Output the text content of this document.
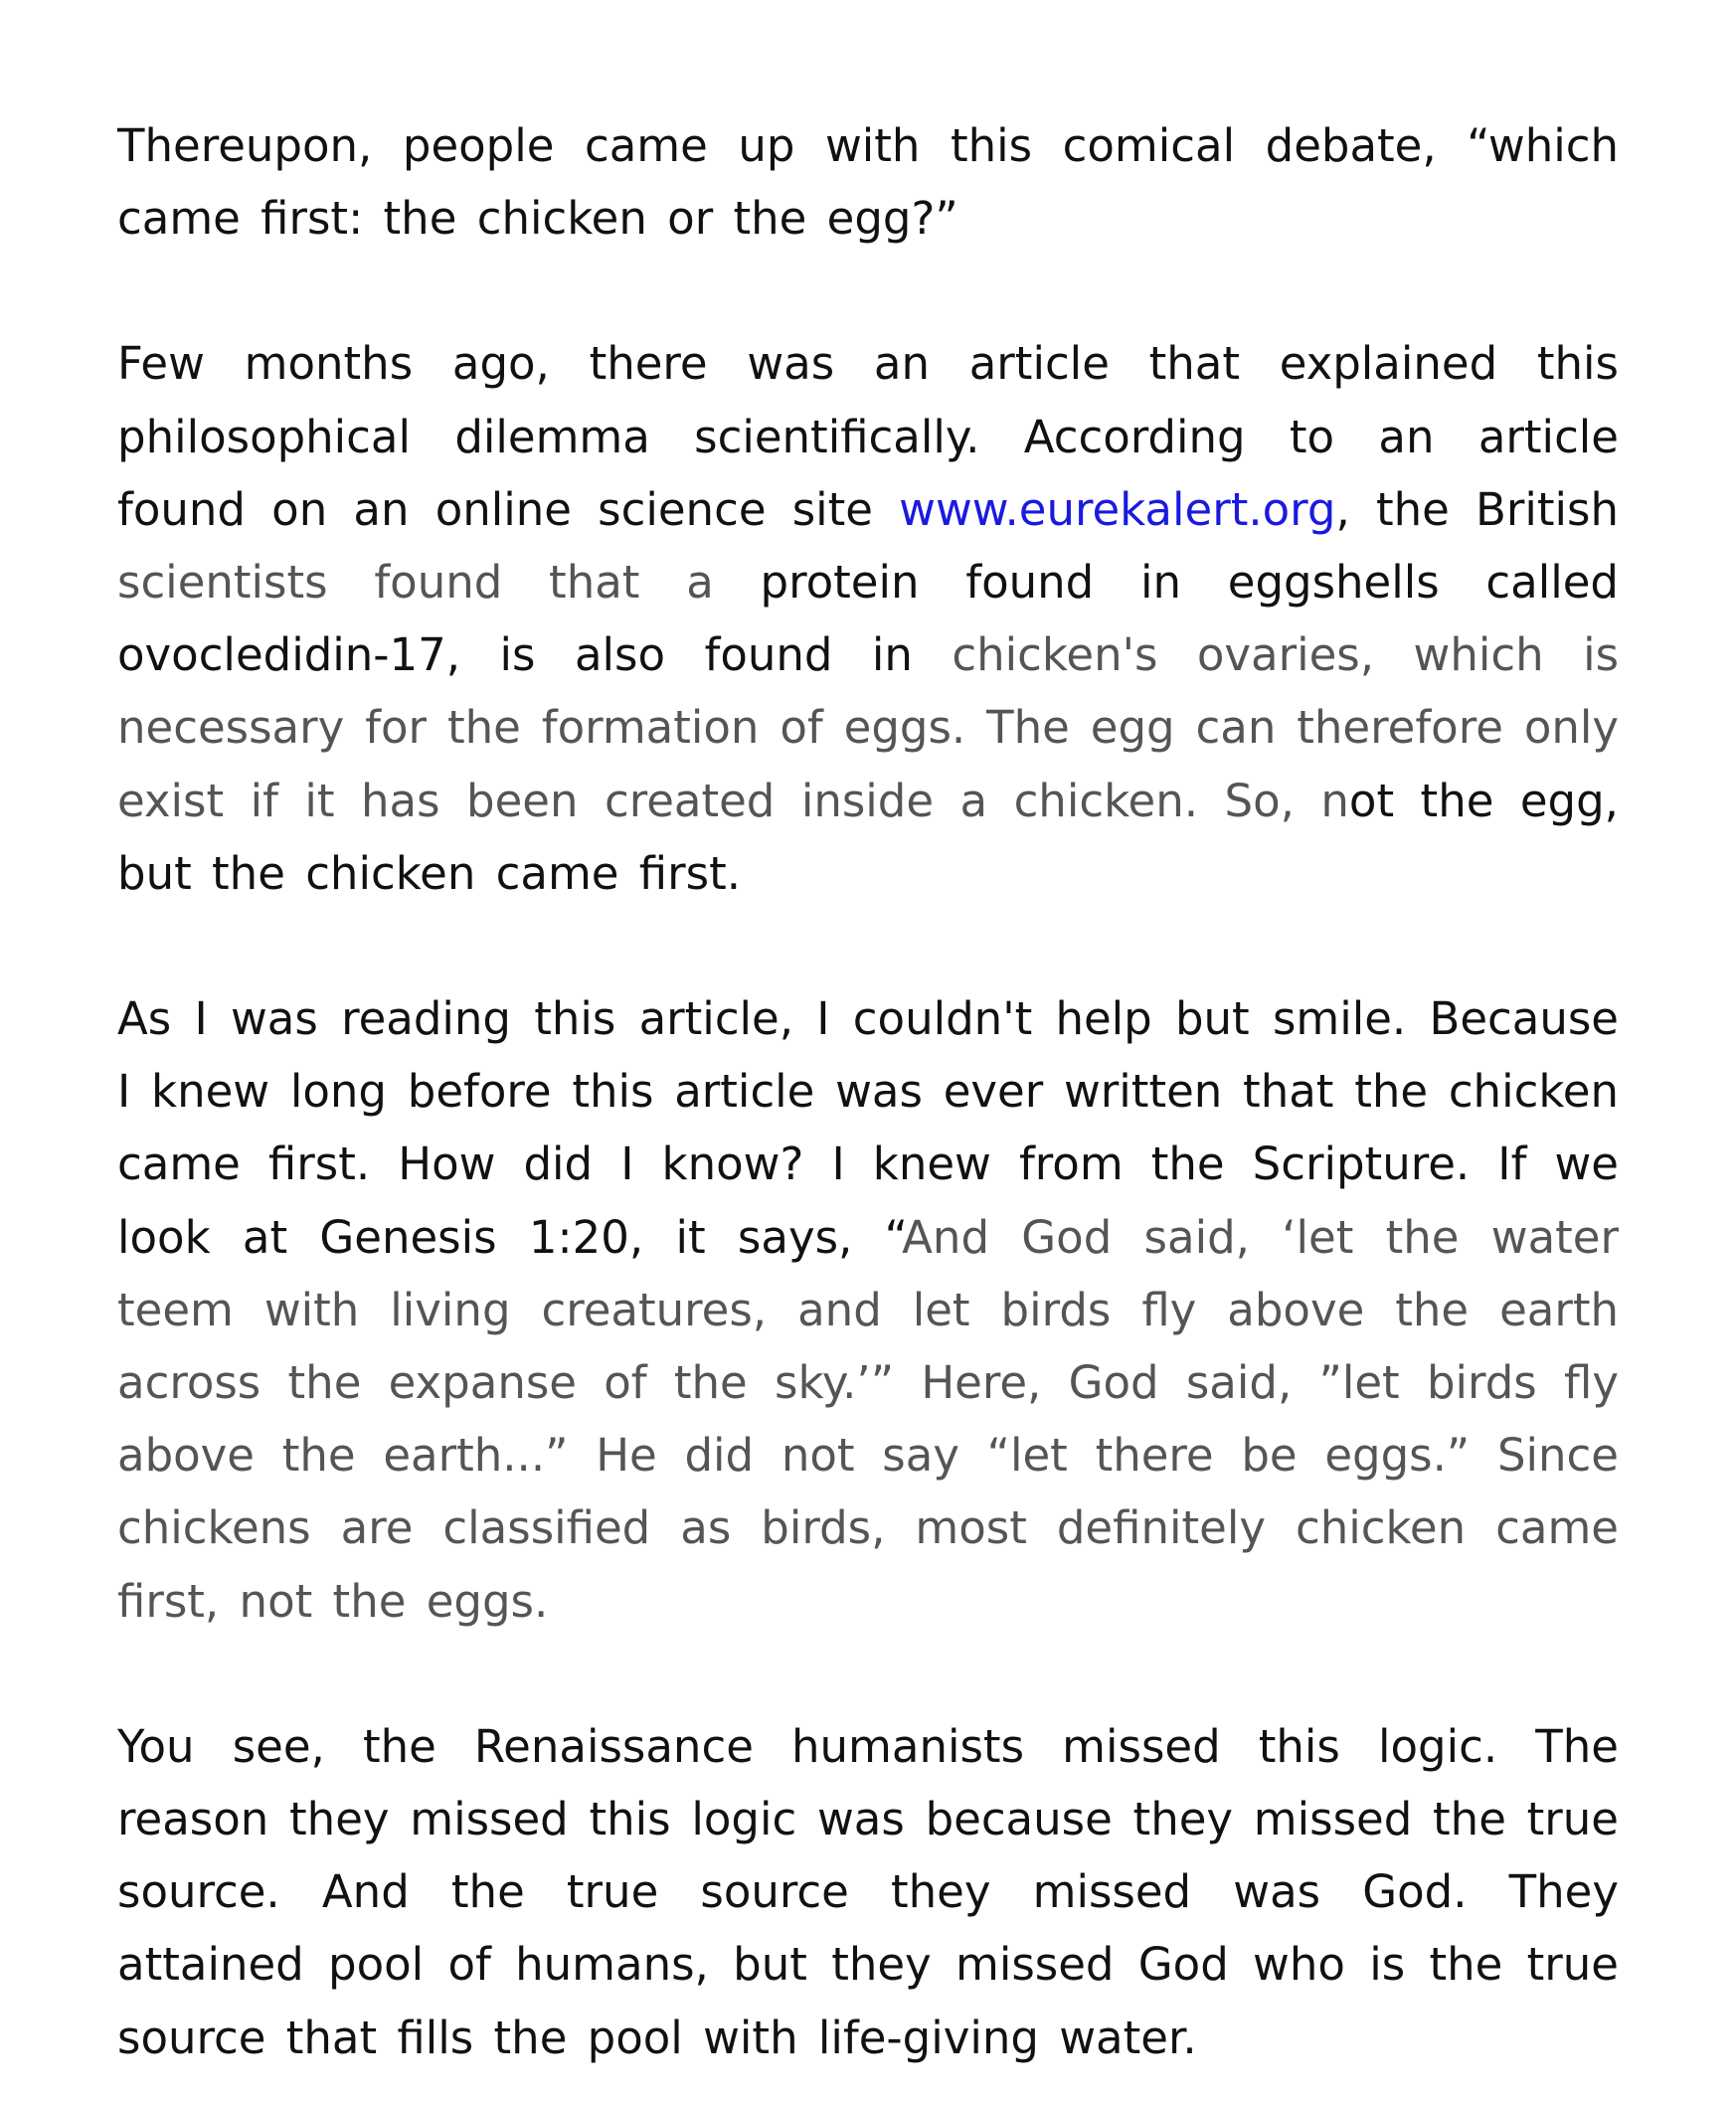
Thereupon, people came up with this comical debate, “which came first: the chicken or the egg?”

Few months ago, there was an article that explained this philosophical dilemma scientifically. According to an article found on an online science site www.eurekalert.org, the British scientists found that a protein found in eggshells called ovocledidin-17, is also found in chicken's ovaries, which is necessary for the formation of eggs. The egg can therefore only exist if it has been created inside a chicken. So, not the egg, but the chicken came first.

As I was reading this article, I couldn't help but smile. Because I knew long before this article was ever written that the chicken came first. How did I know? I knew from the Scripture. If we look at Genesis 1:20, it says, “And God said, ‘let the water teem with living creatures, and let birds fly above the earth across the expanse of the sky.’” Here, God said, ”let birds fly above the earth...” He did not say “let there be eggs.” Since chickens are classified as birds, most definitely chicken came first, not the eggs.

You see, the Renaissance humanists missed this logic. The reason they missed this logic was because they missed the true source. And the true source they missed was God. They attained pool of humans, but they missed God who is the true source that fills the pool with life-giving water.
